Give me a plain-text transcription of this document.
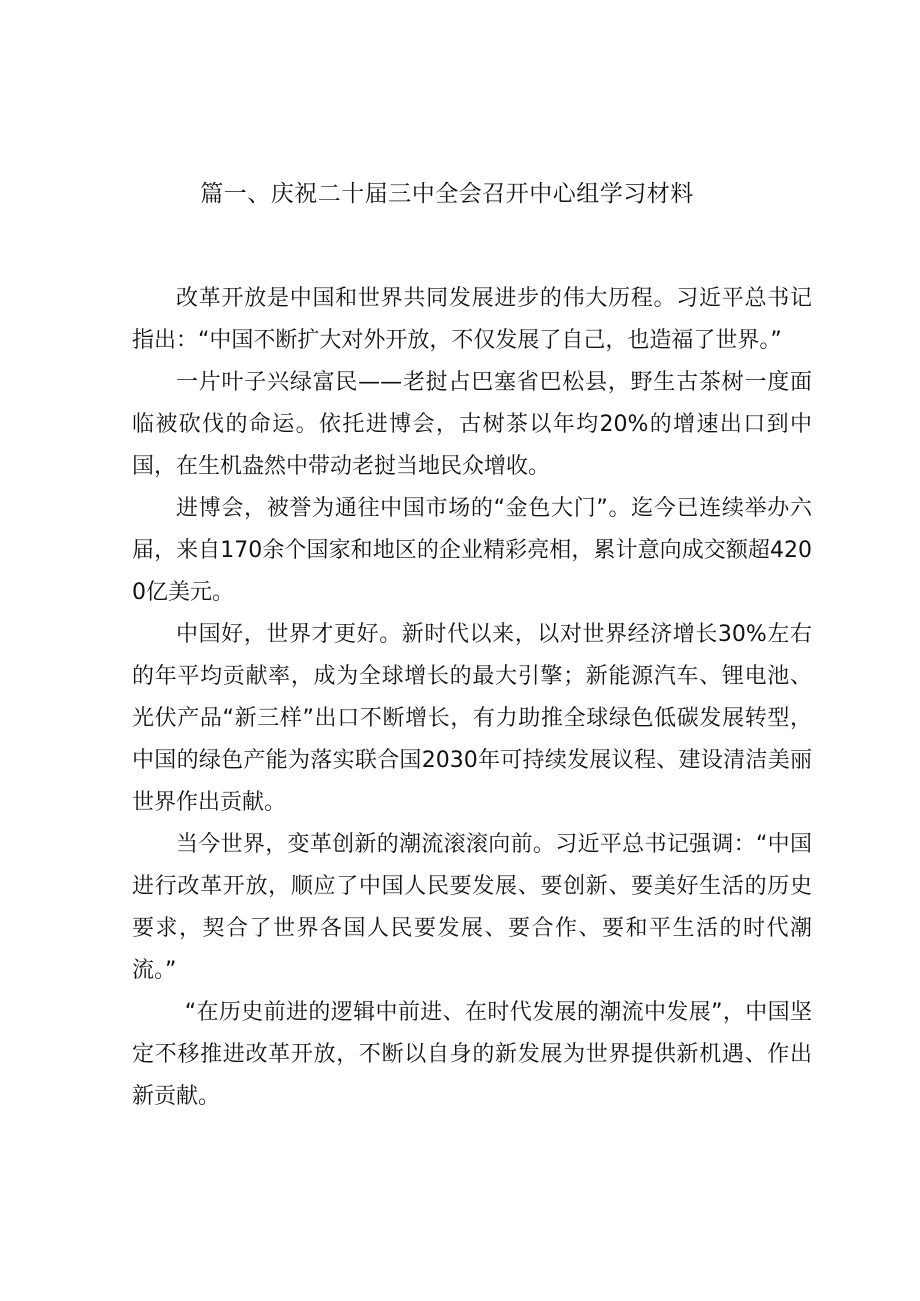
篇一、庆祝二十届三中全会召开中心组学习材料

改革开放是中国和世界共同发展进步的伟大历程。习近平总书记指出：“中国不断扩大对外开放，不仅发展了自己，也造福了世界。”

一片叶子兴绿富民——老挝占巴塞省巴松县，野生古茶树一度面临被砍伐的命运。依托进博会，古树茶以年均20%的增速出口到中国，在生机盎然中带动老挝当地民众增收。

进博会，被誉为通往中国市场的“金色大门”。迄今已连续举办六届，来自170余个国家和地区的企业精彩亮相，累计意向成交额超4200亿美元。

中国好，世界才更好。新时代以来，以对世界经济增长30%左右的年平均贡献率，成为全球增长的最大引擎；新能源汽车、锂电池、光伏产品“新三样”出口不断增长，有力助推全球绿色低碳发展转型，中国的绿色产能为落实联合国2030年可持续发展议程、建设清洁美丽世界作出贡献。

当今世界，变革创新的潮流滚滚向前。习近平总书记强调：“中国进行改革开放，顺应了中国人民要发展、要创新、要美好生活的历史要求，契合了世界各国人民要发展、要合作、要和平生活的时代潮流。”

“在历史前进的逻辑中前进、在时代发展的潮流中发展”，中国坚定不移推进改革开放，不断以自身的新发展为世界提供新机遇、作出新贡献。
